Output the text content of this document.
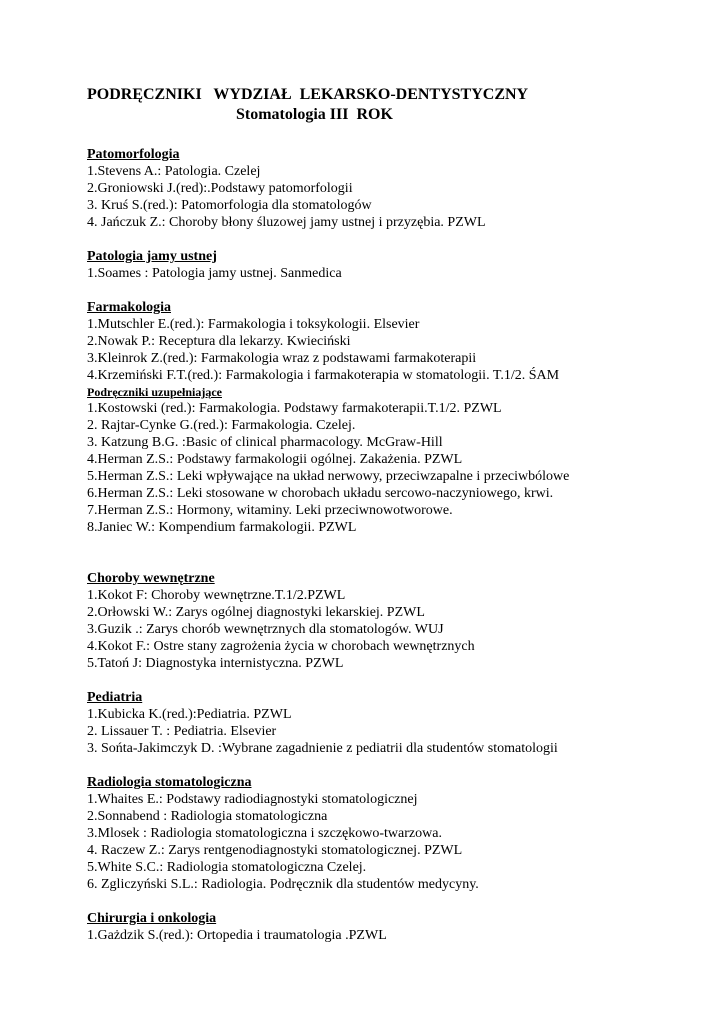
PODRĘCZNIKI   WYDZIAŁ  LEKARSKO-DENTYSTYCZNY
Stomatologia III  ROK
Patomorfologia
1.Stevens A.: Patologia. Czelej
2.Groniowski J.(red):.Podstawy patomorfologii
3. Kruś S.(red.): Patomorfologia dla stomatologów
4. Jańczuk Z.: Choroby błony śluzowej jamy ustnej i przyzębia. PZWL
Patologia jamy ustnej
1.Soames : Patologia jamy ustnej. Sanmedica
Farmakologia
1.Mutschler E.(red.): Farmakologia i toksykologii. Elsevier
2.Nowak P.: Receptura dla lekarzy. Kwieciński
3.Kleinrok Z.(red.): Farmakologia wraz z podstawami farmakoterapii
4.Krzemiński F.T.(red.): Farmakologia i farmakoterapia w stomatologii. T.1/2. ŚAM
Podręczniki uzupełniające
1.Kostowski (red.): Farmakologia. Podstawy farmakoterapii.T.1/2. PZWL
2. Rajtar-Cynke G.(red.): Farmakologia. Czelej.
3. Katzung B.G. :Basic of clinical pharmacology. McGraw-Hill
4.Herman Z.S.: Podstawy farmakologii ogólnej. Zakażenia. PZWL
5.Herman Z.S.: Leki wpływające na układ nerwowy, przeciwzapalne i przeciwbólowe
6.Herman Z.S.: Leki stosowane w chorobach układu sercowo-naczyniowego, krwi.
7.Herman Z.S.: Hormony, witaminy. Leki przeciwnowotworowe.
8.Janiec W.: Kompendium farmakologii. PZWL
Choroby wewnętrzne
1.Kokot F: Choroby wewnętrzne.T.1/2.PZWL
2.Orłowski W.: Zarys ogólnej diagnostyki lekarskiej. PZWL
3.Guzik .: Zarys chorób wewnętrznych dla stomatologów. WUJ
4.Kokot F.: Ostre stany zagrożenia życia w chorobach wewnętrznych
5.Tatoń J: Diagnostyka internistyczna. PZWL
Pediatria
1.Kubicka K.(red.):Pediatria. PZWL
2. Lissauer T. : Pediatria. Elsevier
3. Sońta-Jakimczyk D. :Wybrane zagadnienie z pediatrii dla studentów stomatologii
Radiologia stomatologiczna
1.Whaites E.: Podstawy radiodiagnostyki stomatologicznej
2.Sonnabend : Radiologia stomatologiczna
3.Mlosek : Radiologia stomatologiczna i szczękowo-twarzowa.
4. Raczew Z.: Zarys rentgenodiagnostyki stomatologicznej. PZWL
5.White S.C.: Radiologia stomatologiczna Czelej.
6. Zgliczyński S.L.: Radiologia. Podręcznik dla studentów medycyny.
Chirurgia i onkologia
1.Gażdzik S.(red.): Ortopedia i traumatologia .PZWL
